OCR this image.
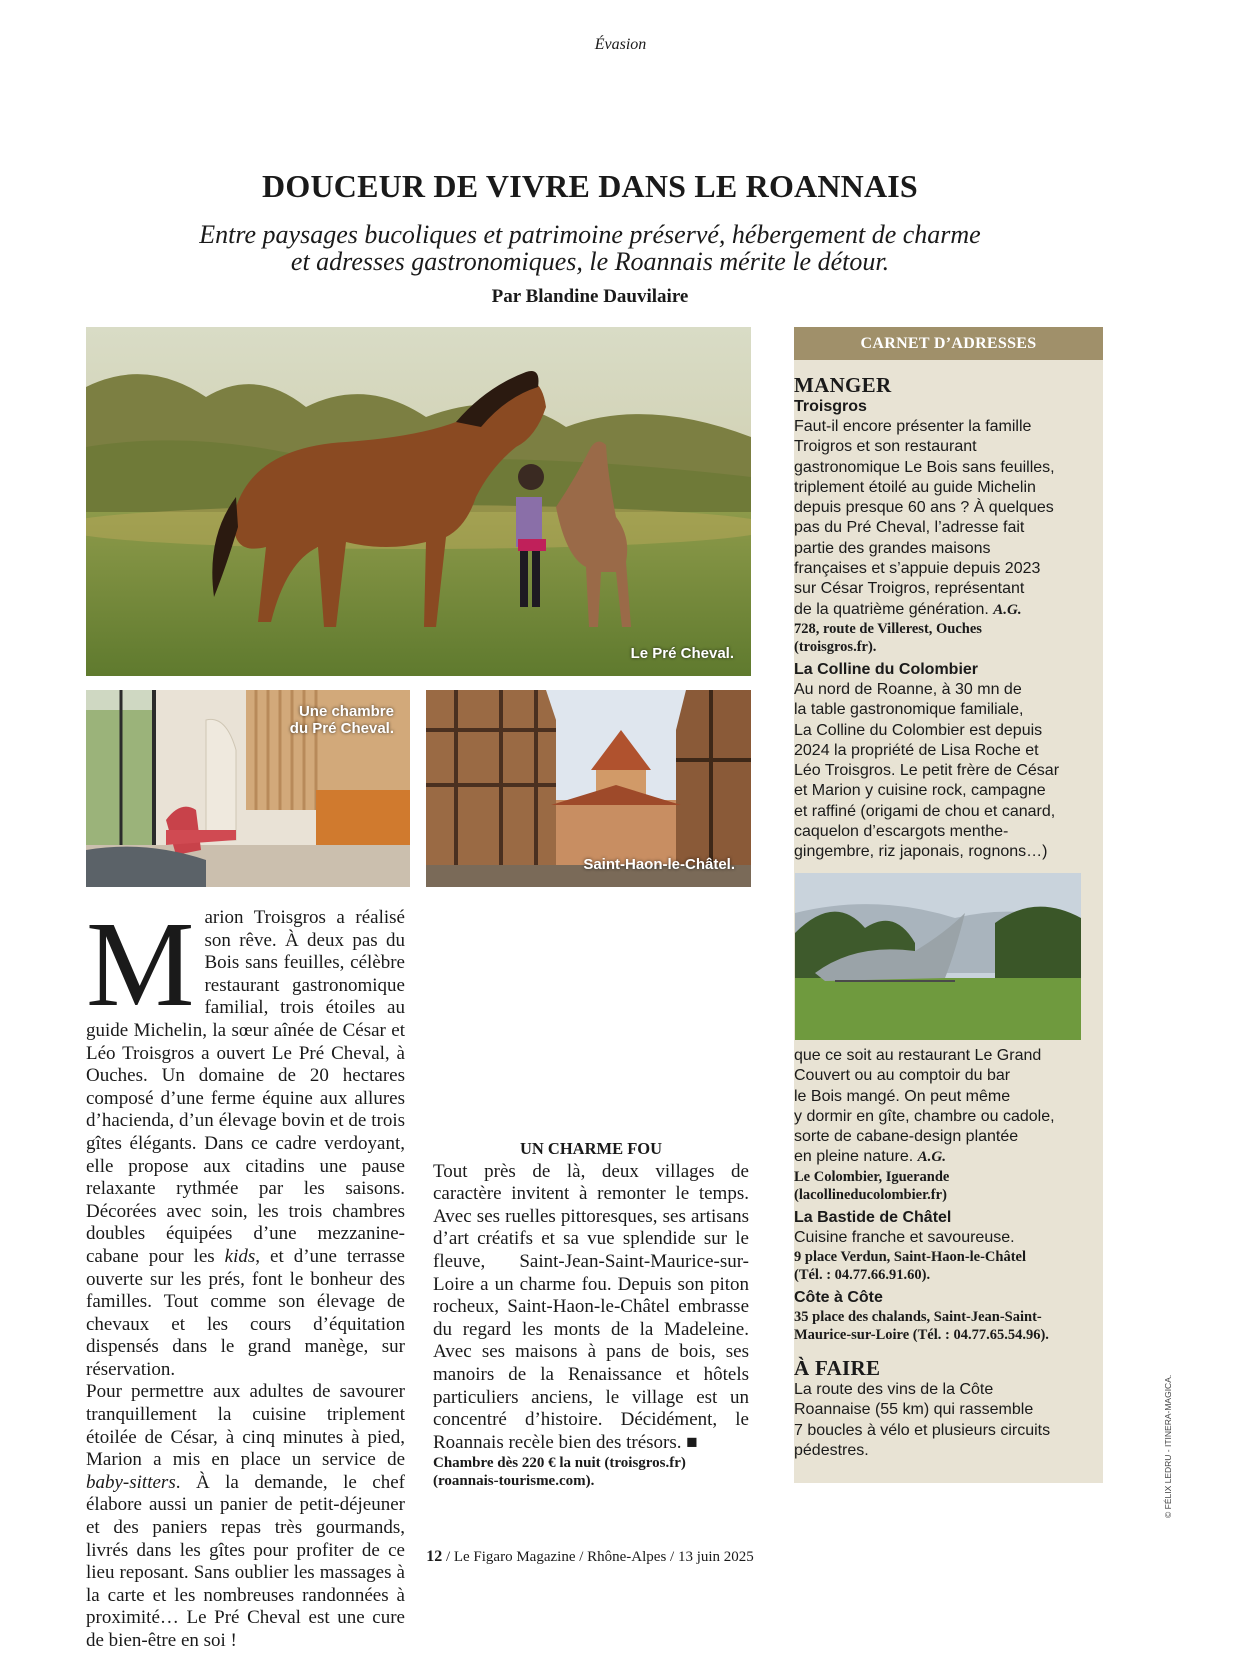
Évasion
DOUCEUR DE VIVRE DANS LE ROANNAIS
Entre paysages bucoliques et patrimoine préservé, hébergement de charme
et adresses gastronomiques, le Roannais mérite le détour.
Par Blandine Dauvilaire
Le Pré Cheval.
Une chambre
du Pré Cheval.
Saint-Haon-le-Châtel.

Marion Troisgros a réalisé son rêve. À deux pas du Bois sans feuilles, célèbre restaurant gastronomique familial, trois étoiles au guide Michelin, la sœur aînée de César et Léo Troisgros a ouvert Le Pré Cheval, à Ouches. Un domaine de 20 hectares composé d’une ferme équine aux allures d’hacienda, d’un élevage bovin et de trois gîtes élégants. Dans ce cadre verdoyant, elle propose aux citadins une pause relaxante rythmée par les saisons. Décorées avec soin, les trois chambres doubles équipées d’une mezzanine-cabane pour les kids, et d’une terrasse ouverte sur les prés, font le bonheur des familles. Tout comme son élevage de chevaux et les cours d’équitation dispensés dans le grand manège, sur réservation.

Pour permettre aux adultes de savourer tranquillement la cuisine triplement étoilée de César, à cinq minutes à pied, Marion a mis en place un service de baby-sitters. À la demande, le chef élabore aussi un panier de petit-déjeuner et des paniers repas très gourmands, livrés dans les gîtes pour profiter de ce lieu reposant. Sans oublier les massages à la carte et les nombreuses randonnées à proximité… Le Pré Cheval est une cure de bien-être en soi !

UN CHARME FOU

Tout près de là, deux villages de caractère invitent à remonter le temps. Avec ses ruelles pittoresques, ses artisans d’art créatifs et sa vue splendide sur le fleuve, Saint-Jean-Saint-Maurice-sur-Loire a un charme fou. Depuis son piton rocheux, Saint-Haon-le-Châtel embrasse du regard les monts de la Madeleine. Avec ses maisons à pans de bois, ses manoirs de la Renaissance et hôtels particuliers anciens, le village est un concentré d’histoire. Décidément, le Roannais recèle bien des trésors. ■

Chambre dès 220 € la nuit (troisgros.fr)
(roannais-tourisme.com).
CARNET D’ADRESSES
MANGER
Troisgros
Faut-il encore présenter la famille
Troigros et son restaurant
gastronomique Le Bois sans feuilles,
triplement étoilé au guide Michelin
depuis presque 60 ans ? À quelques
pas du Pré Cheval, l’adresse fait
partie des grandes maisons
françaises et s’appuie depuis 2023
sur César Troigros, représentant
de la quatrième génération. A.G.
728, route de Villerest, Ouches
(troisgros.fr).
La Colline du Colombier
Au nord de Roanne, à 30 mn de
la table gastronomique familiale,
La Colline du Colombier est depuis
2024 la propriété de Lisa Roche et
Léo Troisgros. Le petit frère de César
et Marion y cuisine rock, campagne
et raffiné (origami de chou et canard,
caquelon d’escargots menthe-
gingembre, riz japonais, rognons…)
que ce soit au restaurant Le Grand
Couvert ou au comptoir du bar
le Bois mangé. On peut même
y dormir en gîte, chambre ou cadole,
sorte de cabane-design plantée
en pleine nature. A.G.
Le Colombier, Iguerande
(lacollineducolombier.fr)
La Bastide de Châtel
Cuisine franche et savoureuse.
9 place Verdun, Saint-Haon-le-Châtel
(Tél. : 04.77.66.91.60).
Côte à Côte
35 place des chalands, Saint-Jean-Saint-
Maurice-sur-Loire (Tél. : 04.77.65.54.96).
À FAIRE
La route des vins de la Côte
Roannaise (55 km) qui rassemble
7 boucles à vélo et plusieurs circuits
pédestres.	© FÉLIX LEDRU - ITINERA-MAGICA.
12 / Le Figaro Magazine / Rhône-Alpes / 13 juin 2025
